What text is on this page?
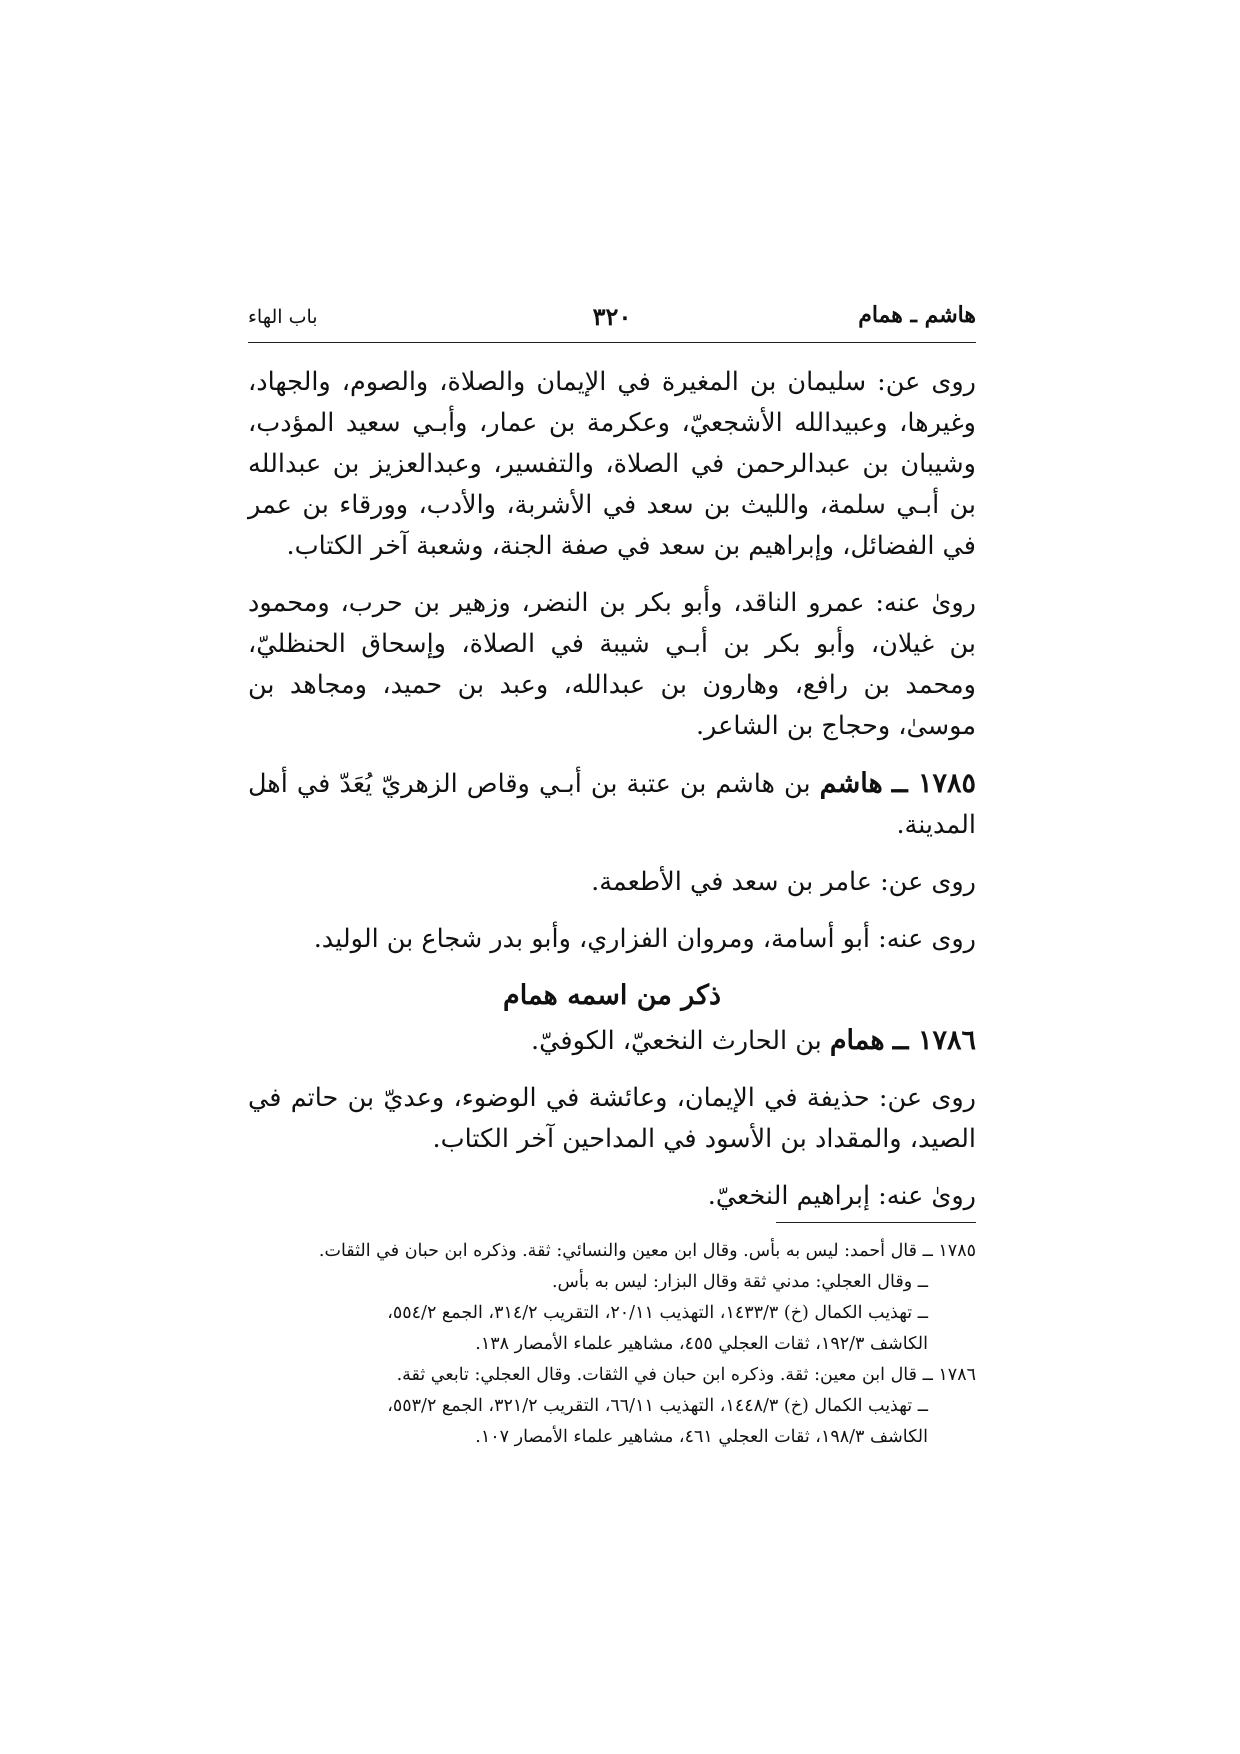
هاشم ـ همام
٣٢٠
باب الهاء

روى عن: سليمان بن المغيرة في الإيمان والصلاة، والصوم، والجهاد، وغيرها، وعبيدالله الأشجعيّ، وعكرمة بن عمار، وأبـي سعيد المؤدب، وشيبان بن عبدالرحمن في الصلاة، والتفسير، وعبدالعزيز بن عبدالله بن أبـي سلمة، والليث بن سعد في الأشربة، والأدب، وورقاء بن عمر في الفضائل، وإبراهيم بن سعد في صفة الجنة، وشعبة آخر الكتاب.

روىٰ عنه: عمرو الناقد، وأبو بكر بن النضر، وزهير بن حرب، ومحمود بن غيلان، وأبو بكر بن أبـي شيبة في الصلاة، وإسحاق الحنظليّ، ومحمد بن رافع، وهارون بن عبدالله، وعبد بن حميد، ومجاهد بن موسىٰ، وحجاج بن الشاعر.

١٧٨٥ ــ هاشم بن هاشم بن عتبة بن أبـي وقاص الزهريّ يُعَدّ في أهل المدينة.

روى عن: عامر بن سعد في الأطعمة.

روى عنه: أبو أسامة، ومروان الفزاري، وأبو بدر شجاع بن الوليد.

ذكر من اسمه همام

١٧٨٦ ــ همام بن الحارث النخعيّ، الكوفيّ.

روى عن: حذيفة في الإيمان، وعائشة في الوضوء، وعديّ بن حاتم في الصيد، والمقداد بن الأسود في المداحين آخر الكتاب.

روىٰ عنه: إبراهيم النخعيّ.

١٧٨٥ ــ قال أحمد: ليس به بأس. وقال ابن معين والنسائي: ثقة. وذكره ابن حبان في الثقات.

ــ وقال العجلي: مدني ثقة وقال البزار: ليس به بأس.

ــ تهذيب الكمال (خ) ١٤٣٣/٣، التهذيب ٢٠/١١، التقريب ٣١٤/٢، الجمع ٥٥٤/٢،

الكاشف ١٩٢/٣، ثقات العجلي ٤٥٥، مشاهير علماء الأمصار ١٣٨.

١٧٨٦ ــ قال ابن معين: ثقة. وذكره ابن حبان في الثقات. وقال العجلي: تابعي ثقة.

ــ تهذيب الكمال (خ) ١٤٤٨/٣، التهذيب ٦٦/١١، التقريب ٣٢١/٢، الجمع ٥٥٣/٢،

الكاشف ١٩٨/٣، ثقات العجلي ٤٦١، مشاهير علماء الأمصار ١٠٧.
